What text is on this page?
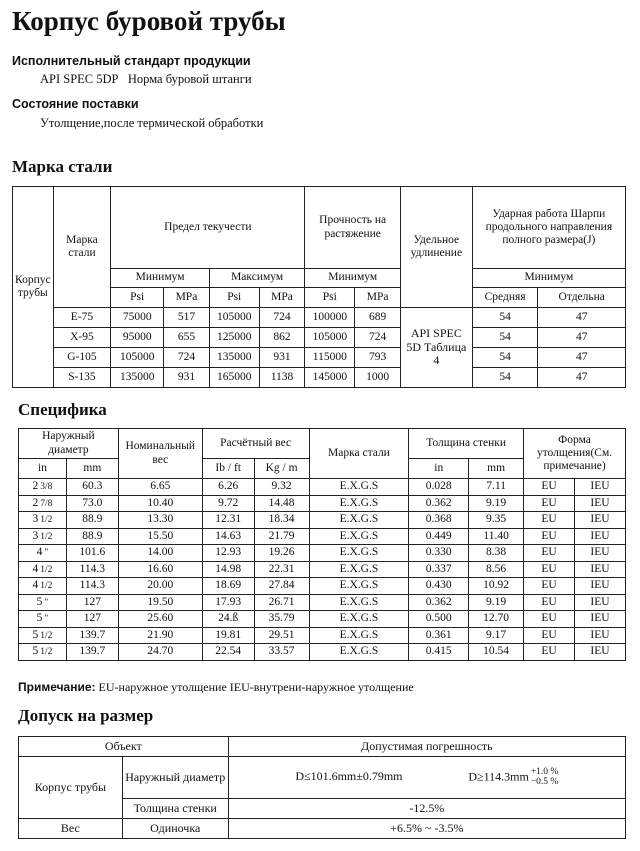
Корпус буровой трубы
Исполнительный стандарт продукции
API SPEC 5DP Норма буровой штанги
Состояние поставки
Утолщение,после термической обработки
Марка стали
Корпус трубы	Марка стали	Предел текучести				Прочность на растяжение		Удельное удлинение	Ударная работа Шарпи продольного направления полного размера(J)	
		Минимум		Максимум		Минимум			Минимум	
		Psi	MPa	Psi	MPa	Psi	MPa		Средняя	Отдельна
	E-75	75000	517	105000	724	100000	689	API SPEC 5D Таблица 4	54	47
	X-95	95000	655	125000	862	105000	724		54	47
	G-105	105000	724	135000	931	115000	793		54	47
	S-135	135000	931	165000	1138	145000	1000		54	47
Специфика
Наружный диаметр		Номинальный вес	Расчётный вес		Марка стали	Толщина стенки		Форма утолщения(См. примечание)	
in	mm		Ib / ft	Kg / m		in	mm		
2 3/8	60.3	6.65	6.26	9.32	E.X.G.S	0.028	7.11	EU	IEU
2 7/8	73.0	10.40	9.72	14.48	E.X.G.S	0.362	9.19	EU	IEU
3 1/2	88.9	13.30	12.31	18.34	E.X.G.S	0.368	9.35	EU	IEU
3 1/2	88.9	15.50	14.63	21.79	E.X.G.S	0.449	11.40	EU	IEU
4 "	101.6	14.00	12.93	19.26	E.X.G.S	0.330	8.38	EU	IEU
4 1/2	114.3	16.60	14.98	22.31	E.X.G.S	0.337	8.56	EU	IEU
4 1/2	114.3	20.00	18.69	27.84	E.X.G.S	0.430	10.92	EU	IEU
5 "	127	19.50	17.93	26.71	E.X.G.S	0.362	9.19	EU	IEU
5 "	127	25.60	24.ß	35.79	E.X.G.S	0.500	12.70	EU	IEU
5 1/2	139.7	21.90	19.81	29.51	E.X.G.S	0.361	9.17	EU	IEU
5 1/2	139.7	24.70	22.54	33.57	E.X.G.S	0.415	10.54	EU	IEU
Примечание: EU-наружное утолщение IEU-внутрени-наружное утолщение
Допуск на размер
Объект		Допустимая погрешность
Корпус трубы	Наружный диаметр	D≤101.6mm±0.79mm D≥114.3mm +1.0 %
−0.5 %
	Толщина стенки	-12.5%
Вес	Одиночка	+6.5% ~ -3.5%
